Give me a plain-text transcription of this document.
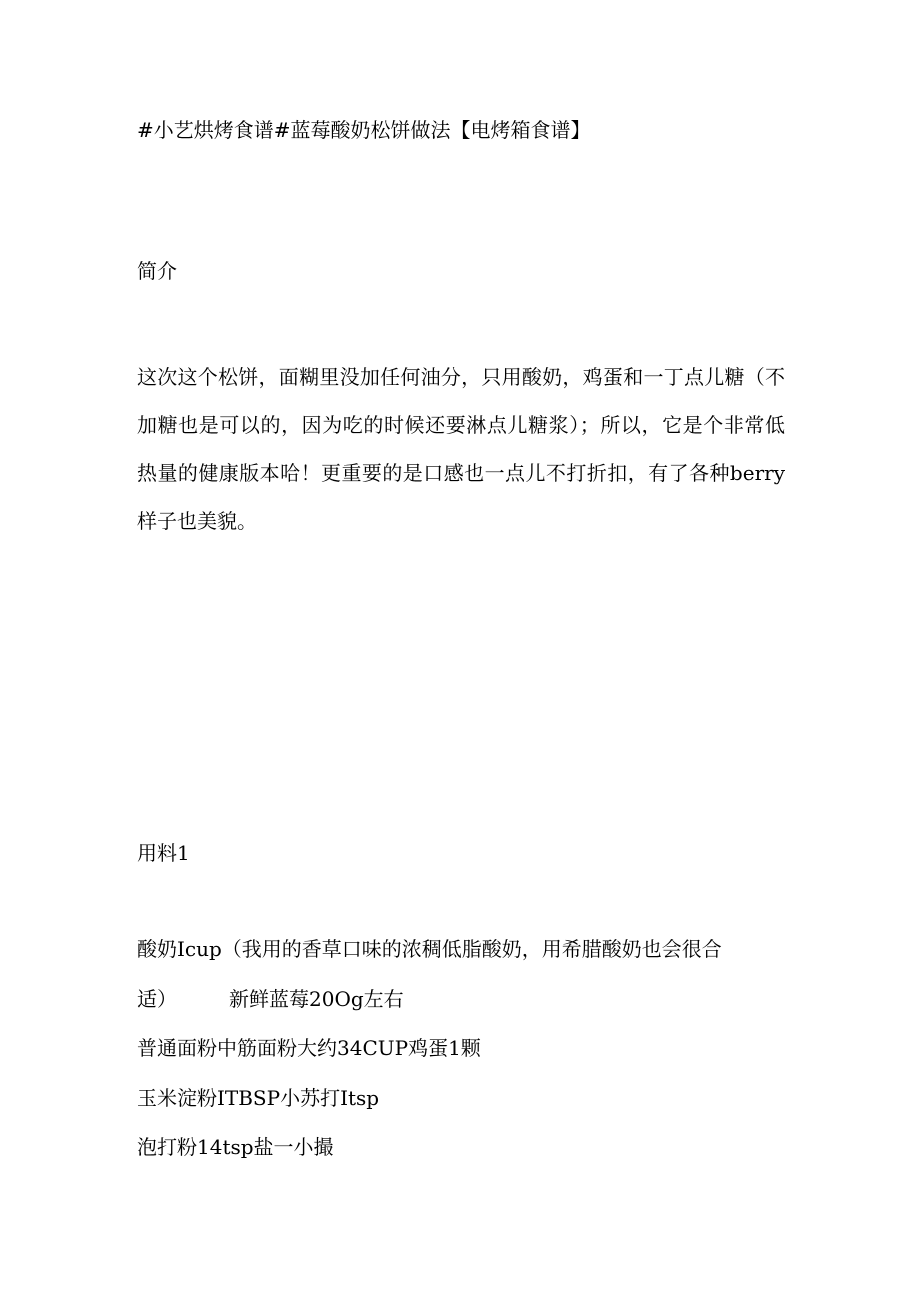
#小艺烘烤食谱#蓝莓酸奶松饼做法【电烤箱食谱】

简介

这次这个松饼，面糊里没加任何油分，只用酸奶，鸡蛋和一丁点儿糖（不加糖也是可以的，因为吃的时候还要淋点儿糖浆）；所以，它是个非常低热量的健康版本哈！更重要的是口感也一点儿不打折扣，有了各种berry样子也美貌。

用料1

酸奶Icup（我用的香草口味的浓稠低脂酸奶，用希腊酸奶也会很合

适）	新鲜蓝莓20Og左右

普通面粉中筋面粉大约34CUP鸡蛋1颗

玉米淀粉ITBSP小苏打Itsp

泡打粉14tsp盐一小撮
